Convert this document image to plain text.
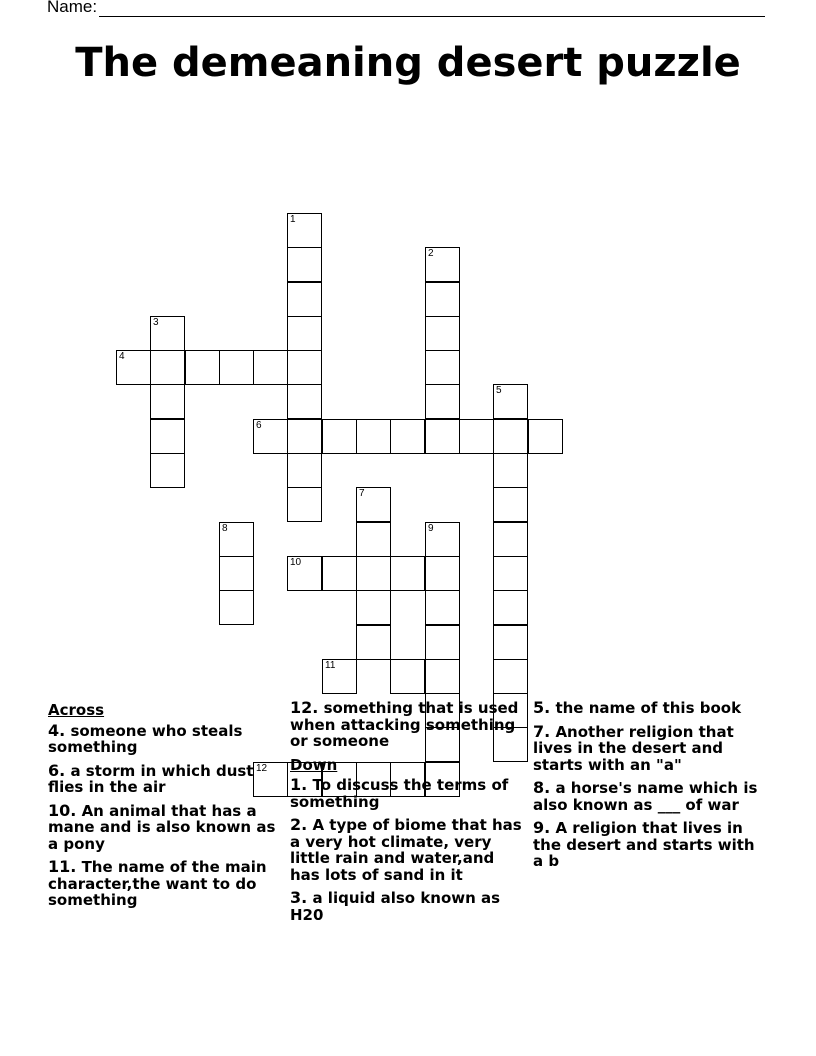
Name:
The demeaning desert puzzle
1
2
3
4
5
6
7
8	9
10
11
12
Across
4. someone who steals something
6. a storm in which dust flies in the air
10. An animal that has a mane and is also known as a pony
11. The name of the main character,the want to do something
12. something that is used when attacking something or someone
Down
1. To discuss the terms of something
2. A type of biome that has a very hot climate, very little rain and water,and has lots of sand in it
3. a liquid also known as H20
5. the name of this book
7. Another religion that lives in the desert and starts with an "a"
8. a horse's name which is also known as ___ of war
9. A religion that lives in the desert and starts with a b
